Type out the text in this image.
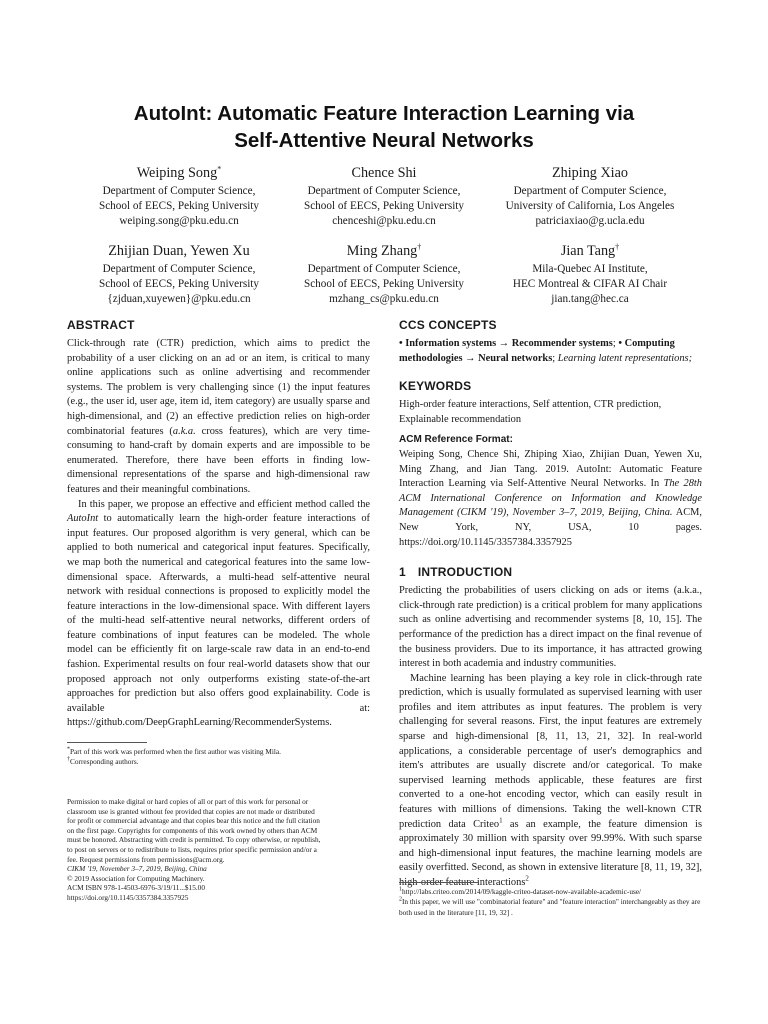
AutoInt: Automatic Feature Interaction Learning via
Self-Attentive Neural Networks
Weiping Song*
Department of Computer Science,
School of EECS, Peking University
weiping.song@pku.edu.cn
Chence Shi
Department of Computer Science,
School of EECS, Peking University
chenceshi@pku.edu.cn
Zhiping Xiao
Department of Computer Science,
University of California, Los Angeles
patriciaxiao@g.ucla.edu
Zhijian Duan, Yewen Xu
Department of Computer Science,
School of EECS, Peking University
{zjduan,xuyewen}@pku.edu.cn
Ming Zhang†
Department of Computer Science,
School of EECS, Peking University
mzhang_cs@pku.edu.cn
Jian Tang†
Mila-Quebec AI Institute,
HEC Montreal & CIFAR AI Chair
jian.tang@hec.ca
ABSTRACT

Click-through rate (CTR) prediction, which aims to predict the probability of a user clicking on an ad or an item, is critical to many online applications such as online advertising and recommender systems. The problem is very challenging since (1) the input features (e.g., the user id, user age, item id, item category) are usually sparse and high-dimensional, and (2) an effective prediction relies on high-order combinatorial features (a.k.a. cross features), which are very time-consuming to hand-craft by domain experts and are impossible to be enumerated. Therefore, there have been efforts in finding low-dimensional representations of the sparse and high-dimensional raw features and their meaningful combinations.

In this paper, we propose an effective and efficient method called the AutoInt to automatically learn the high-order feature interactions of input features. Our proposed algorithm is very general, which can be applied to both numerical and categorical input features. Specifically, we map both the numerical and categorical features into the same low-dimensional space. Afterwards, a multi-head self-attentive neural network with residual connections is proposed to explicitly model the feature interactions in the low-dimensional space. With different layers of the multi-head self-attentive neural networks, different orders of feature combinations of input features can be modeled. The whole model can be efficiently fit on large-scale raw data in an end-to-end fashion. Experimental results on four real-world datasets show that our proposed approach not only outperforms existing state-of-the-art approaches for prediction but also offers good explainability. Code is available at: https://github.com/DeepGraphLearning/RecommenderSystems.

*Part of this work was performed when the first author was visiting Mila.
†Corresponding authors.
Permission to make digital or hard copies of all or part of this work for personal or
classroom use is granted without fee provided that copies are not made or distributed
for profit or commercial advantage and that copies bear this notice and the full citation
on the first page. Copyrights for components of this work owned by others than ACM
must be honored. Abstracting with credit is permitted. To copy otherwise, or republish,
to post on servers or to redistribute to lists, requires prior specific permission and/or a
fee. Request permissions from permissions@acm.org.
CIKM '19, November 3–7, 2019, Beijing, China
© 2019 Association for Computing Machinery.
ACM ISBN 978-1-4503-6976-3/19/11...$15.00
https://doi.org/10.1145/3357384.3357925
CCS CONCEPTS

• Information systems → Recommender systems; • Computing methodologies → Neural networks; Learning latent representations;

KEYWORDS

High-order feature interactions, Self attention, CTR prediction, Explainable recommendation

ACM Reference Format:

Weiping Song, Chence Shi, Zhiping Xiao, Zhijian Duan, Yewen Xu, Ming Zhang, and Jian Tang. 2019. AutoInt: Automatic Feature Interaction Learning via Self-Attentive Neural Networks. In The 28th ACM International Conference on Information and Knowledge Management (CIKM '19), November 3–7, 2019, Beijing, China. ACM, New York, NY, USA, 10 pages. https://doi.org/10.1145/3357384.3357925

1 INTRODUCTION

Predicting the probabilities of users clicking on ads or items (a.k.a., click-through rate prediction) is a critical problem for many applications such as online advertising and recommender systems [8, 10, 15]. The performance of the prediction has a direct impact on the final revenue of the business providers. Due to its importance, it has attracted growing interest in both academia and industry communities.

Machine learning has been playing a key role in click-through rate prediction, which is usually formulated as supervised learning with user profiles and item attributes as input features. The problem is very challenging for several reasons. First, the input features are extremely sparse and high-dimensional [8, 11, 13, 21, 32]. In real-world applications, a considerable percentage of user's demographics and item's attributes are usually discrete and/or categorical. To make supervised learning methods applicable, these features are first converted to a one-hot encoding vector, which can easily result in features with millions of dimensions. Taking the well-known CTR prediction data Criteo$^1$ as an example, the feature dimension is approximately 30 million with sparsity over 99.99%. With such sparse and high-dimensional input features, the machine learning models are easily overfitted. Second, as shown in extensive literature [8, 11, 19, 32], high-order feature interactions$^2$

$^1$http://labs.criteo.com/2014/09/kaggle-criteo-dataset-now-available-academic-use/
$^2$In this paper, we will use "combinatorial feature" and "feature interaction" interchangeably as they are both used in the literature [11, 19, 32] .
